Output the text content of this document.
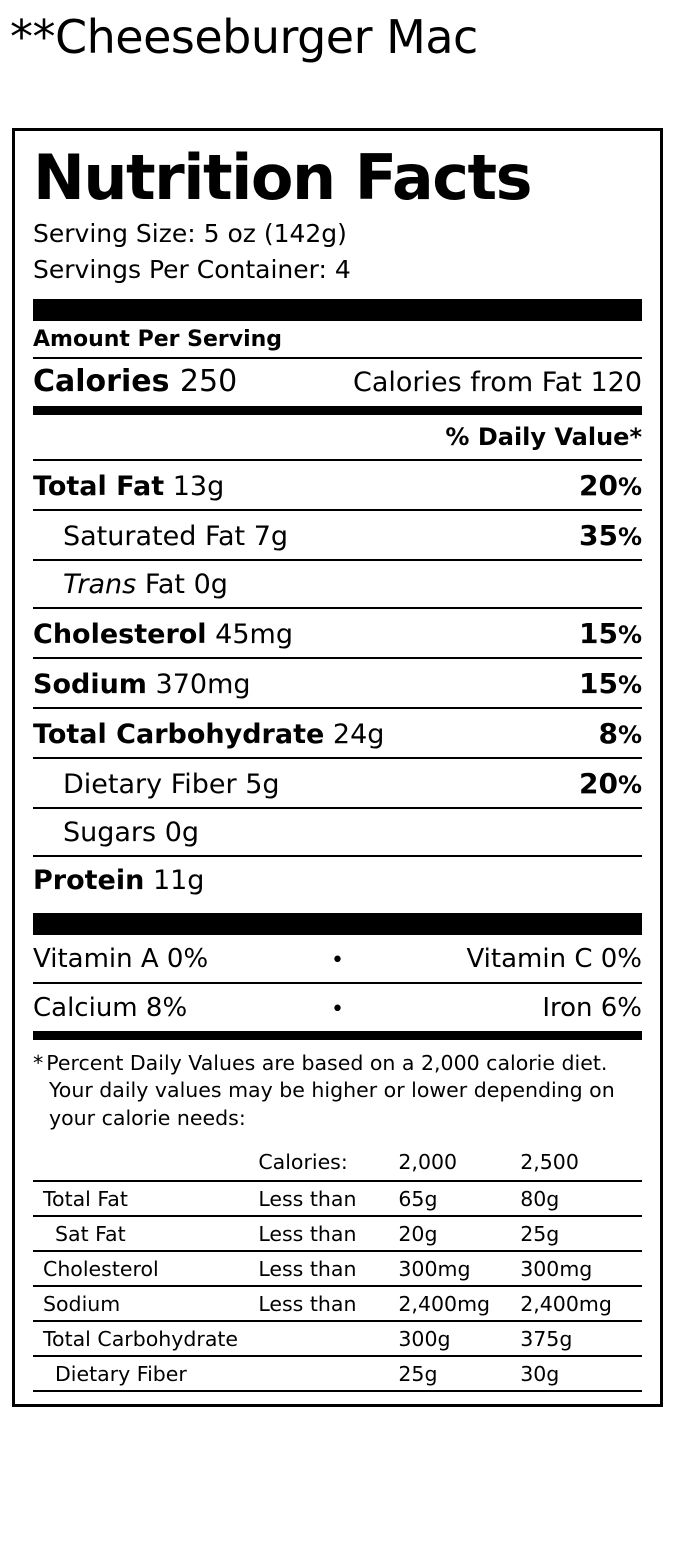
**Cheeseburger Mac
Nutrition Facts
Serving Size: 5 oz (142g)
Servings Per Container: 4
Amount Per Serving
Calories 250	Calories from Fat 120
% Daily Value*
Total Fat 13g	20%
Saturated Fat 7g	35%
Trans Fat 0g
Cholesterol 45mg	15%
Sodium 370mg	15%
Total Carbohydrate 24g	8%
Dietary Fiber 5g	20%
Sugars 0g
Protein 11g
Vitamin A 0%	•	Vitamin C 0%
Calcium 8%	•	Iron 6%

* Percent Daily Values are based on a 2,000 calorie diet.

Your daily values may be higher or lower depending on

your calorie needs:

	Calories:	2,000	2,500
Total Fat	Less than	65g	80g
Sat Fat	Less than	20g	25g
Cholesterol	Less than	300mg	300mg
Sodium	Less than	2,400mg	2,400mg
Total Carbohydrate		300g	375g
Dietary Fiber		25g	30g
